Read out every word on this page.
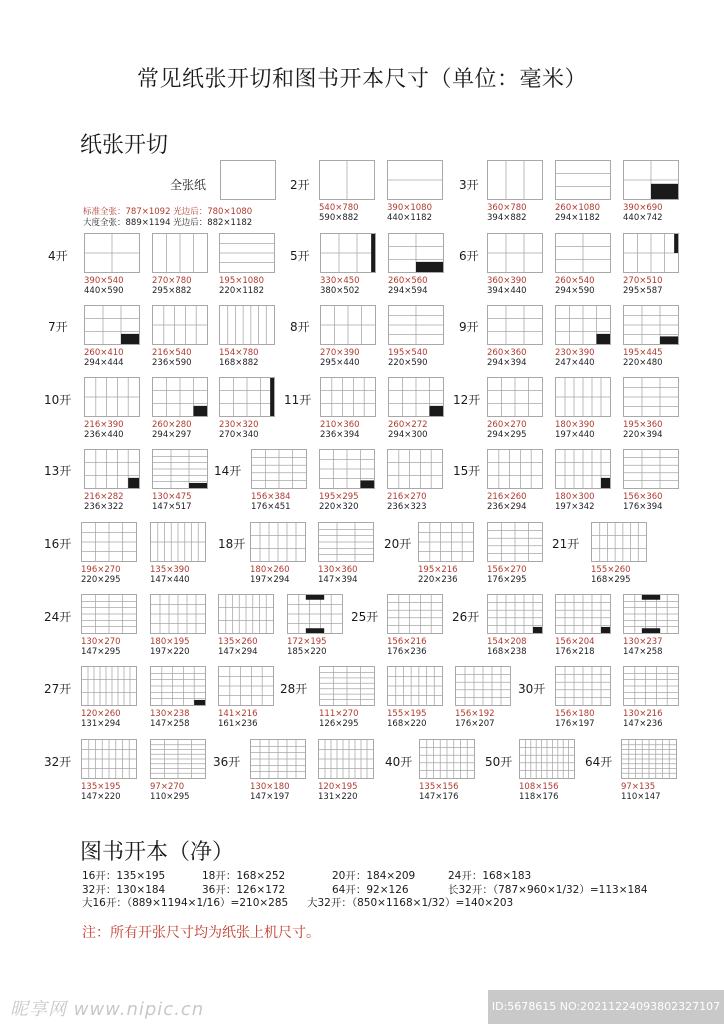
常见纸张开切和图书开本尺寸（单位：毫米）
纸张开切
全张纸
标准全张：787×1092 光边后：780×1080
大度全张：889×1194 光边后：882×1182
2开	3开
4开	5开	6开
7开	8开	9开
10开	11开	12开
13开	14开	15开
16开	18开	20开	21开
24开	25开	26开
27开	28开	30开
32开	36开	40开	50开	64开
540×780
590×882
390×1080
440×1182
360×780
394×882
260×1080
294×1182
390×690
440×742
390×540
440×590
270×780
295×882
195×1080
220×1182
330×450
380×502
260×560
294×594
360×390
394×440
260×540
294×590
270×510
295×587
260×410
294×444
216×540
236×590
154×780
168×882
270×390
295×440
195×540
220×590
260×360
294×394
230×390
247×440
195×445
220×480
216×390
236×440
260×280
294×297
230×320
270×340
210×360
236×394
260×272
294×300
260×270
294×295
180×390
197×440
195×360
220×394
216×282
236×322
130×475
147×517
156×384
176×451
195×295
220×320
216×270
236×323
216×260
236×294
180×300
197×342
156×360
176×394
196×270
220×295
135×390
147×440
180×260
197×294
130×360
147×394
195×216
220×236
156×270
176×295
155×260
168×295
130×270
147×295
180×195
197×220
135×260
147×294
172×195
185×220
156×216
176×236
154×208
168×238
156×204
176×218
130×237
147×258
120×260
131×294
130×238
147×258
141×216
161×236
111×270
126×295
155×195
168×220
156×192
176×207
156×180
176×197
130×216
147×236
135×195
147×220
97×270
110×295
130×180
147×197
120×195
131×220
135×156
147×176
108×156
118×176
97×135
110×147
图书开本（净）
16开：135×195	18开：168×252	20开：184×209	24开：168×183
32开：130×184	36开：126×172	64开：92×126	长32开：（787×960×1/32）=113×184
大16开：（889×1194×1/16）=210×285 大32开：（850×1168×1/32）=140×203
注：所有开张尺寸均为纸张上机尺寸。
昵享网 www.nipic.cn	ID:5678615 NO:20211224093802327107
